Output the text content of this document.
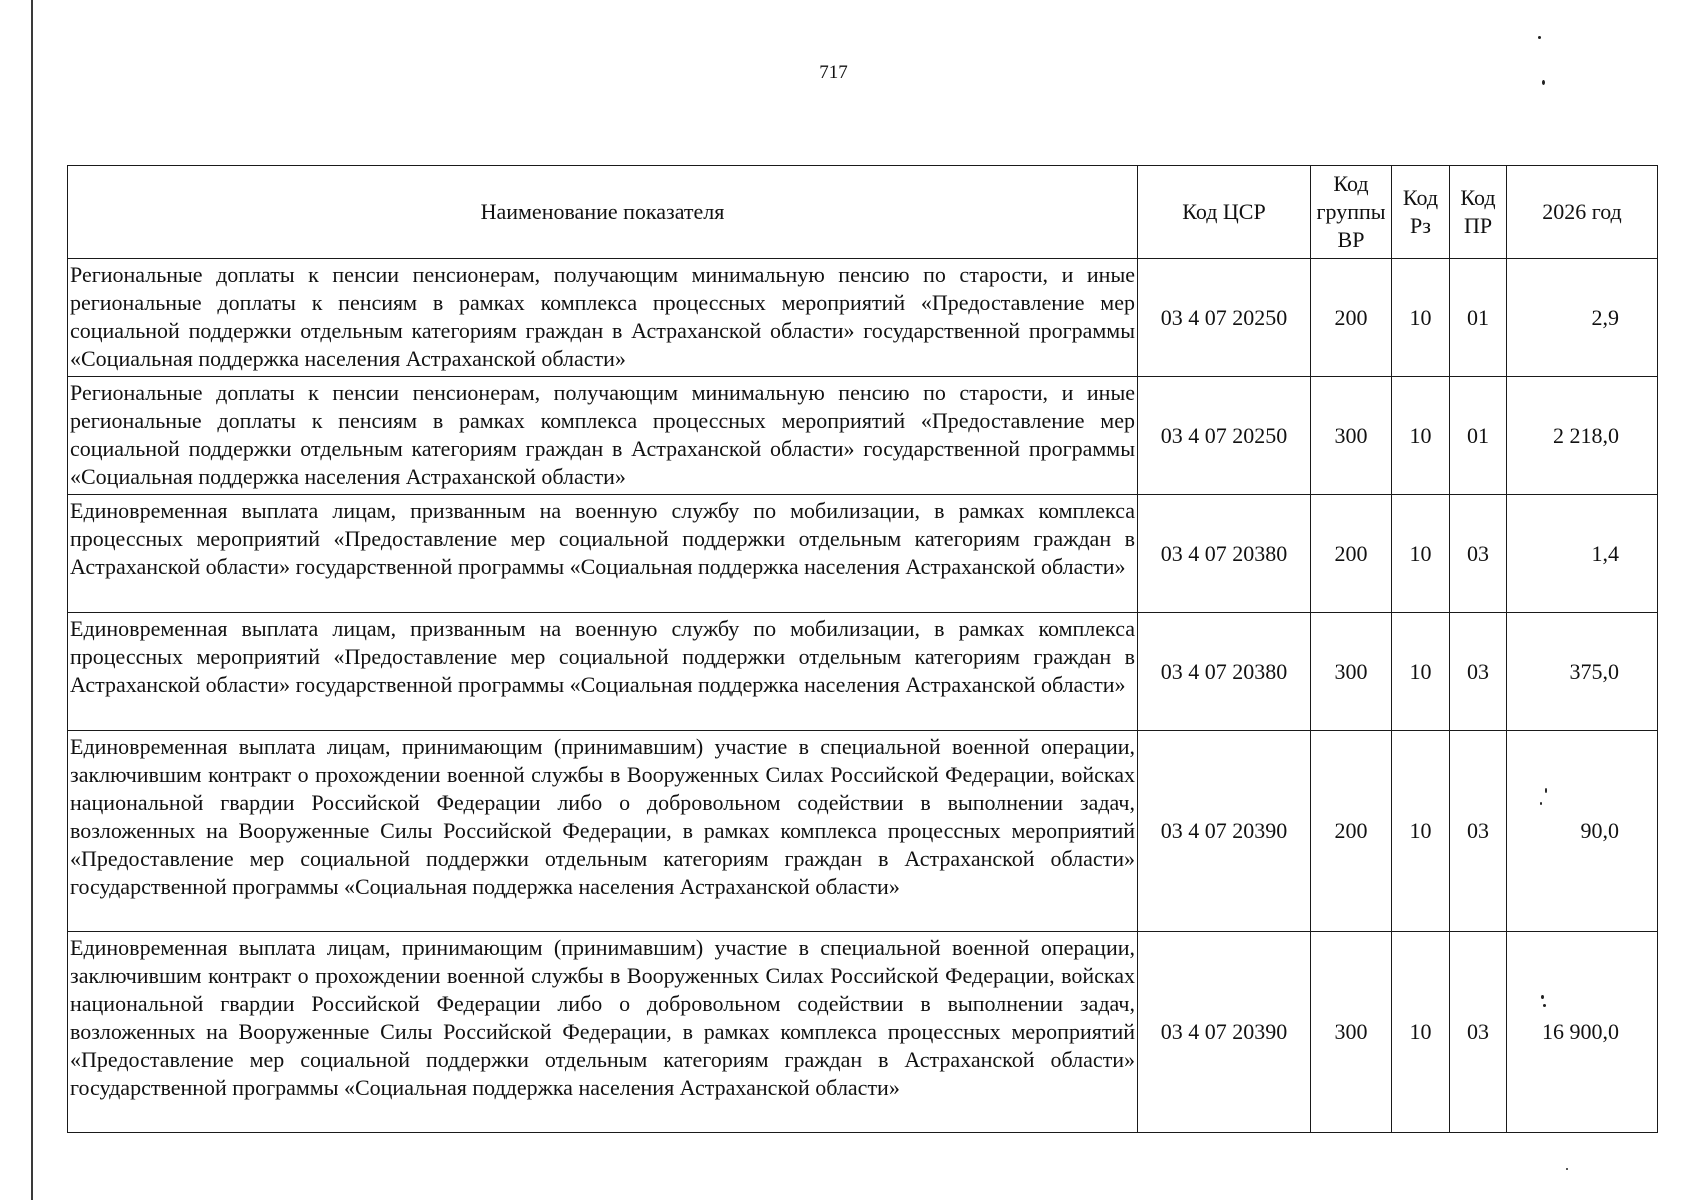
717
Наименование показателя	Код ЦСР	Код группы ВР	Код Рз	Код ПР	2026 год
Региональные доплаты к пенсии пенсионерам, получающим минимальную пенсию по старости, и иные региональные доплаты к пенсиям в рамках комплекса процессных мероприятий «Предоставление мер социальной поддержки отдельным категориям граждан в Астраханской области» государственной программы «Социальная поддержка населения Астраханской области»	03 4 07 20250	200	10	01	2,9
Региональные доплаты к пенсии пенсионерам, получающим минимальную пенсию по старости, и иные региональные доплаты к пенсиям в рамках комплекса процессных мероприятий «Предоставление мер социальной поддержки отдельным категориям граждан в Астраханской области» государственной программы «Социальная поддержка населения Астраханской области»	03 4 07 20250	300	10	01	2 218,0
Единовременная выплата лицам, призванным на военную службу по мобилизации, в рамках комплекса процессных мероприятий «Предоставление мер социальной поддержки отдельным категориям граждан в Астраханской области» государственной программы «Социальная поддержка населения Астраханской области»	03 4 07 20380	200	10	03	1,4
Единовременная выплата лицам, призванным на военную службу по мобилизации, в рамках комплекса процессных мероприятий «Предоставление мер социальной поддержки отдельным категориям граждан в Астраханской области» государственной программы «Социальная поддержка населения Астраханской области»	03 4 07 20380	300	10	03	375,0
Единовременная выплата лицам, принимающим (принимавшим) участие в специальной военной операции, заключившим контракт о прохождении военной службы в Вооруженных Силах Российской Федерации, войсках национальной гвардии Российской Федерации либо о добровольном содействии в выполнении задач, возложенных на Вооруженные Силы Российской Федерации, в рамках комплекса процессных мероприятий «Предоставление мер социальной поддержки отдельным категориям граждан в Астраханской области» государственной программы «Социальная поддержка населения Астраханской области»	03 4 07 20390	200	10	03	90,0
Единовременная выплата лицам, принимающим (принимавшим) участие в специальной военной операции, заключившим контракт о прохождении военной службы в Вооруженных Силах Российской Федерации, войсках национальной гвардии Российской Федерации либо о добровольном содействии в выполнении задач, возложенных на Вооруженные Силы Российской Федерации, в рамках комплекса процессных мероприятий «Предоставление мер социальной поддержки отдельным категориям граждан в Астраханской области» государственной программы «Социальная поддержка населения Астраханской области»	03 4 07 20390	300	10	03	16 900,0
